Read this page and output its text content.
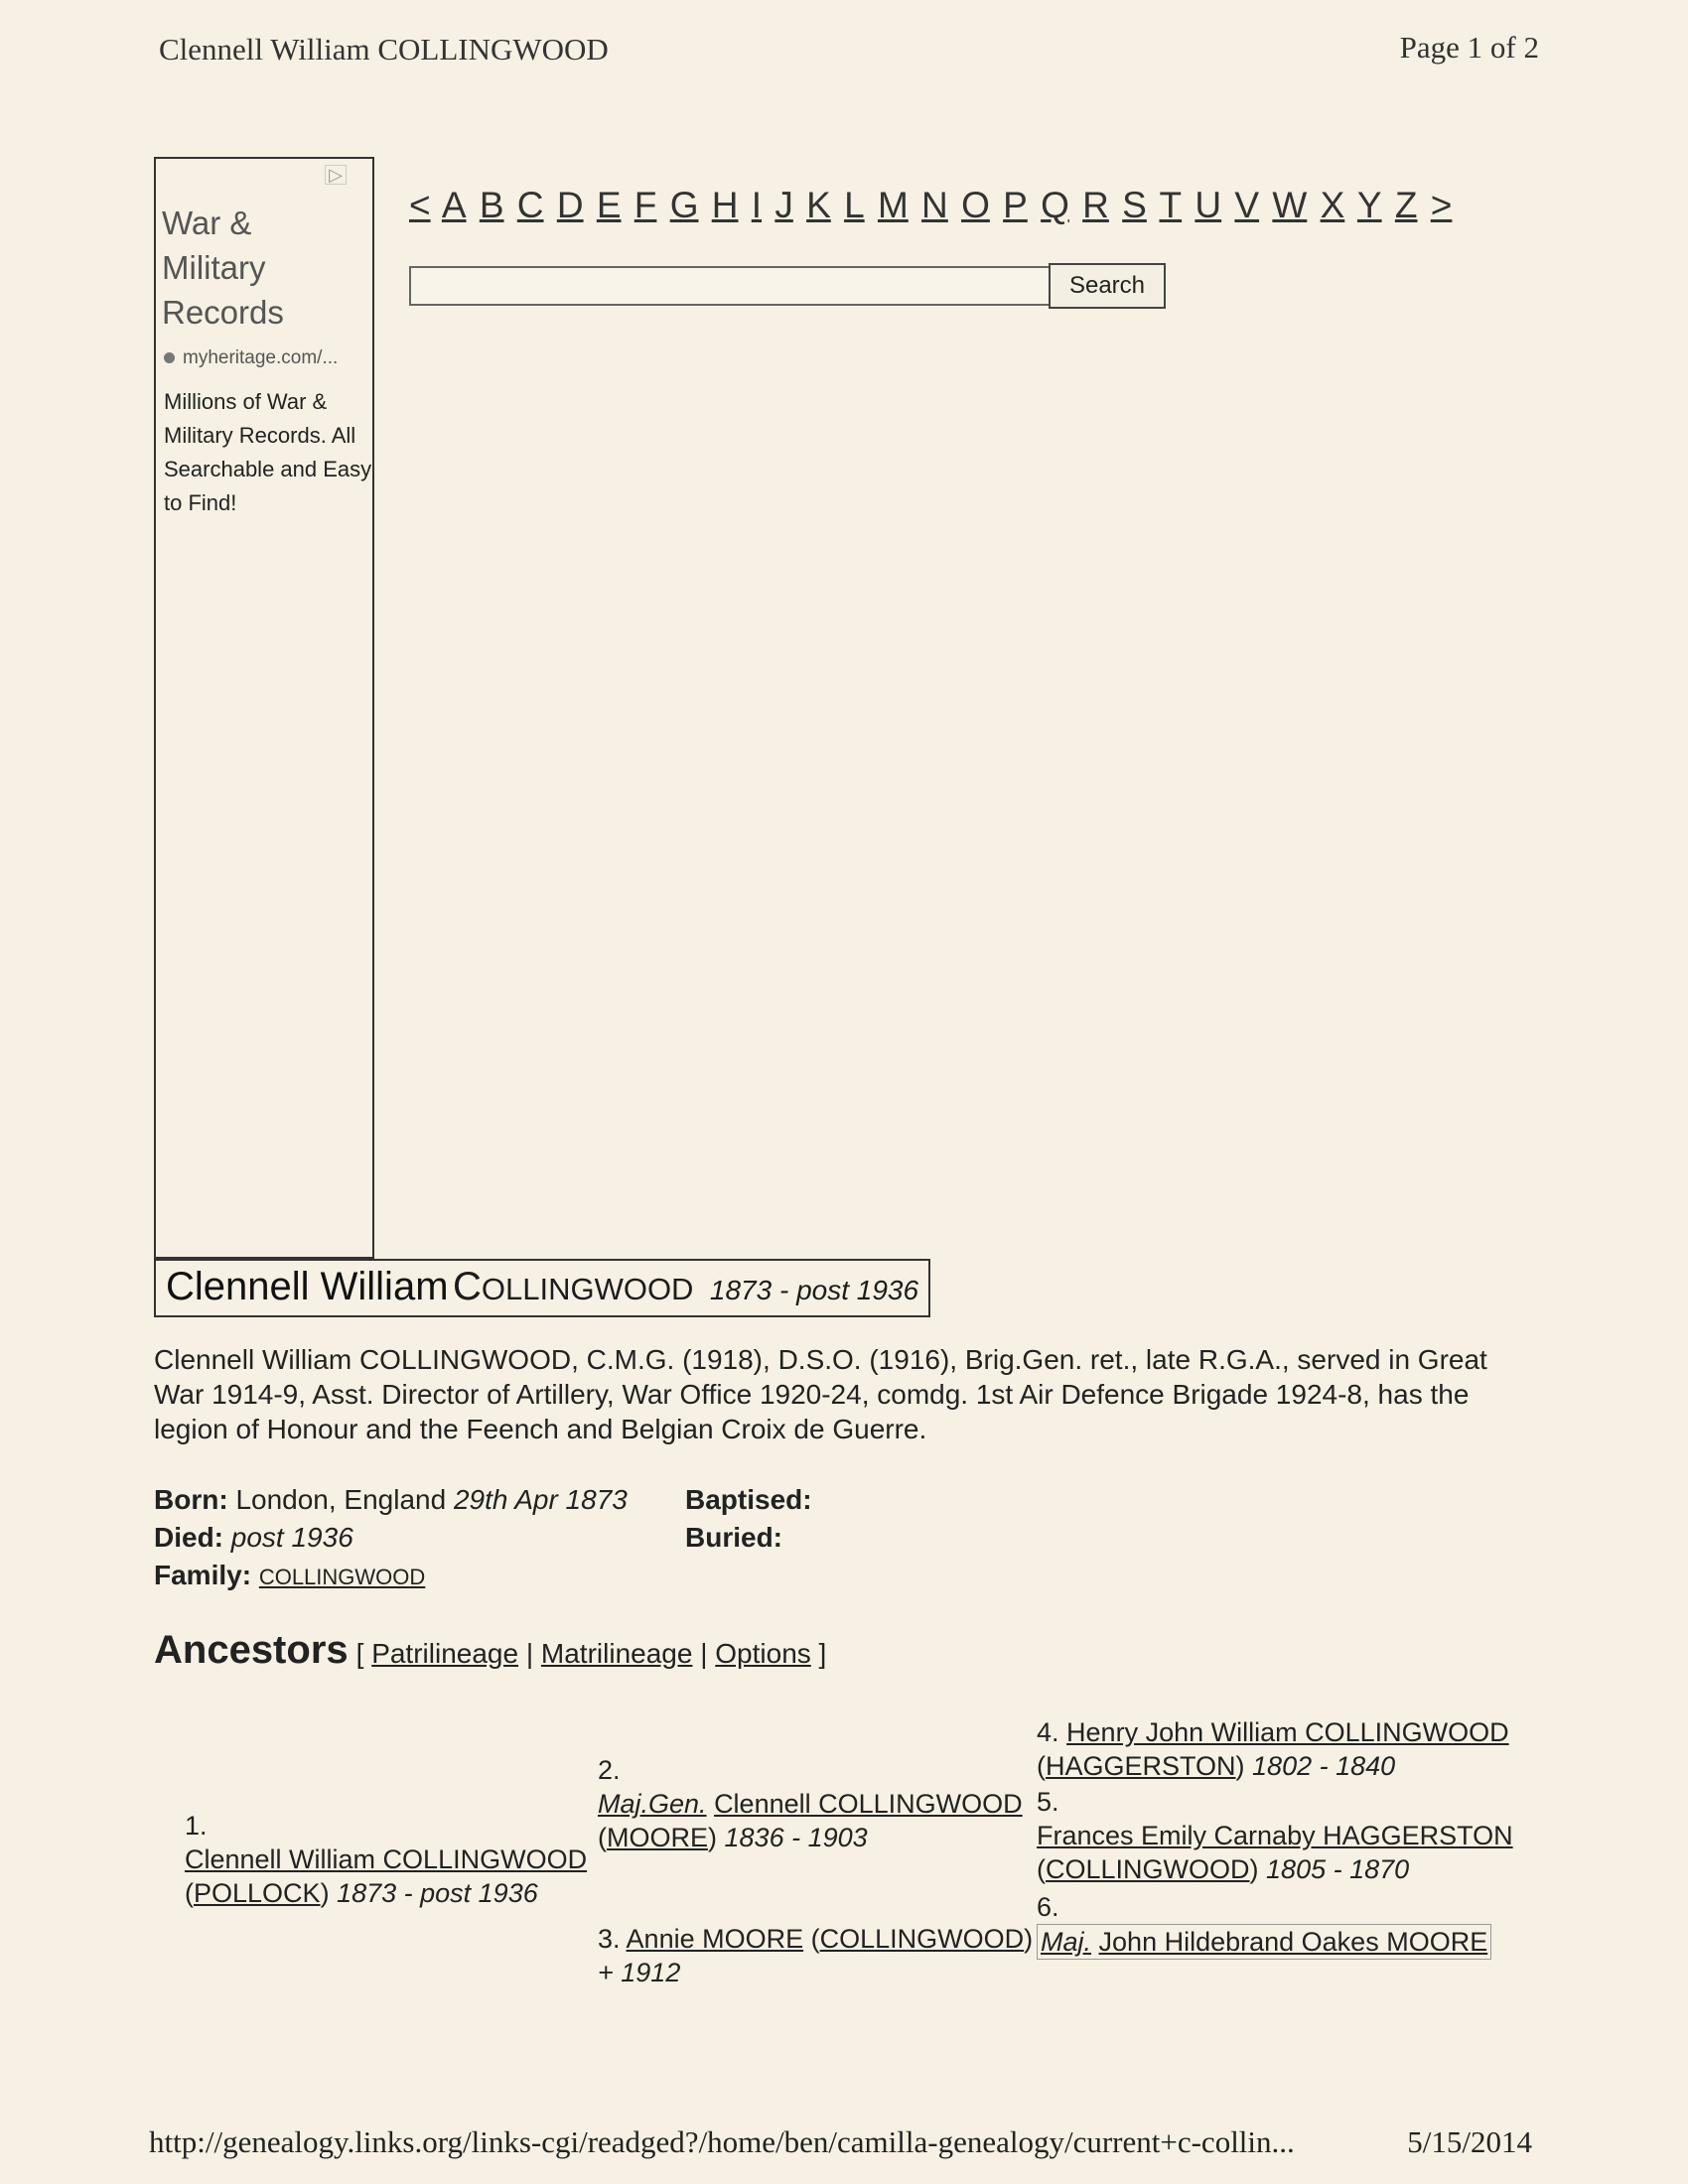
Clennell William COLLINGWOOD	Page 1 of 2
▷
War & Military Records
myheritage.com/...
Millions of War & Military Records. All Searchable and Easy to Find!
< A B C D E F G H I J K L M N O P Q R S T U V W X Y Z >
Search
Clennell William COLLINGWOOD 1873 - post 1936
Clennell William COLLINGWOOD, C.M.G. (1918), D.S.O. (1916), Brig.Gen. ret., late R.G.A., served in Great War 1914-9, Asst. Director of Artillery, War Office 1920-24, comdg. 1st Air Defence Brigade 1924-8, has the legion of Honour and the Feench and Belgian Croix de Guerre.
Born: London, England 29th Apr 1873
Died: post 1936
Family: COLLINGWOOD
Baptised:
Buried:
Ancestors [ Patrilineage | Matrilineage | Options ]
1.
Clennell William COLLINGWOOD
(POLLOCK) 1873 - post 1936
2.
Maj.Gen. Clennell COLLINGWOOD
(MOORE) 1836 - 1903
3. Annie MOORE (COLLINGWOOD)
+ 1912
4. Henry John William COLLINGWOOD
(HAGGERSTON) 1802 - 1840
5.
Frances Emily Carnaby HAGGERSTON
(COLLINGWOOD) 1805 - 1870
6.
Maj. John Hildebrand Oakes MOORE
http://genealogy.links.org/links-cgi/readged?/home/ben/camilla-genealogy/current+c-collin...	5/15/2014
